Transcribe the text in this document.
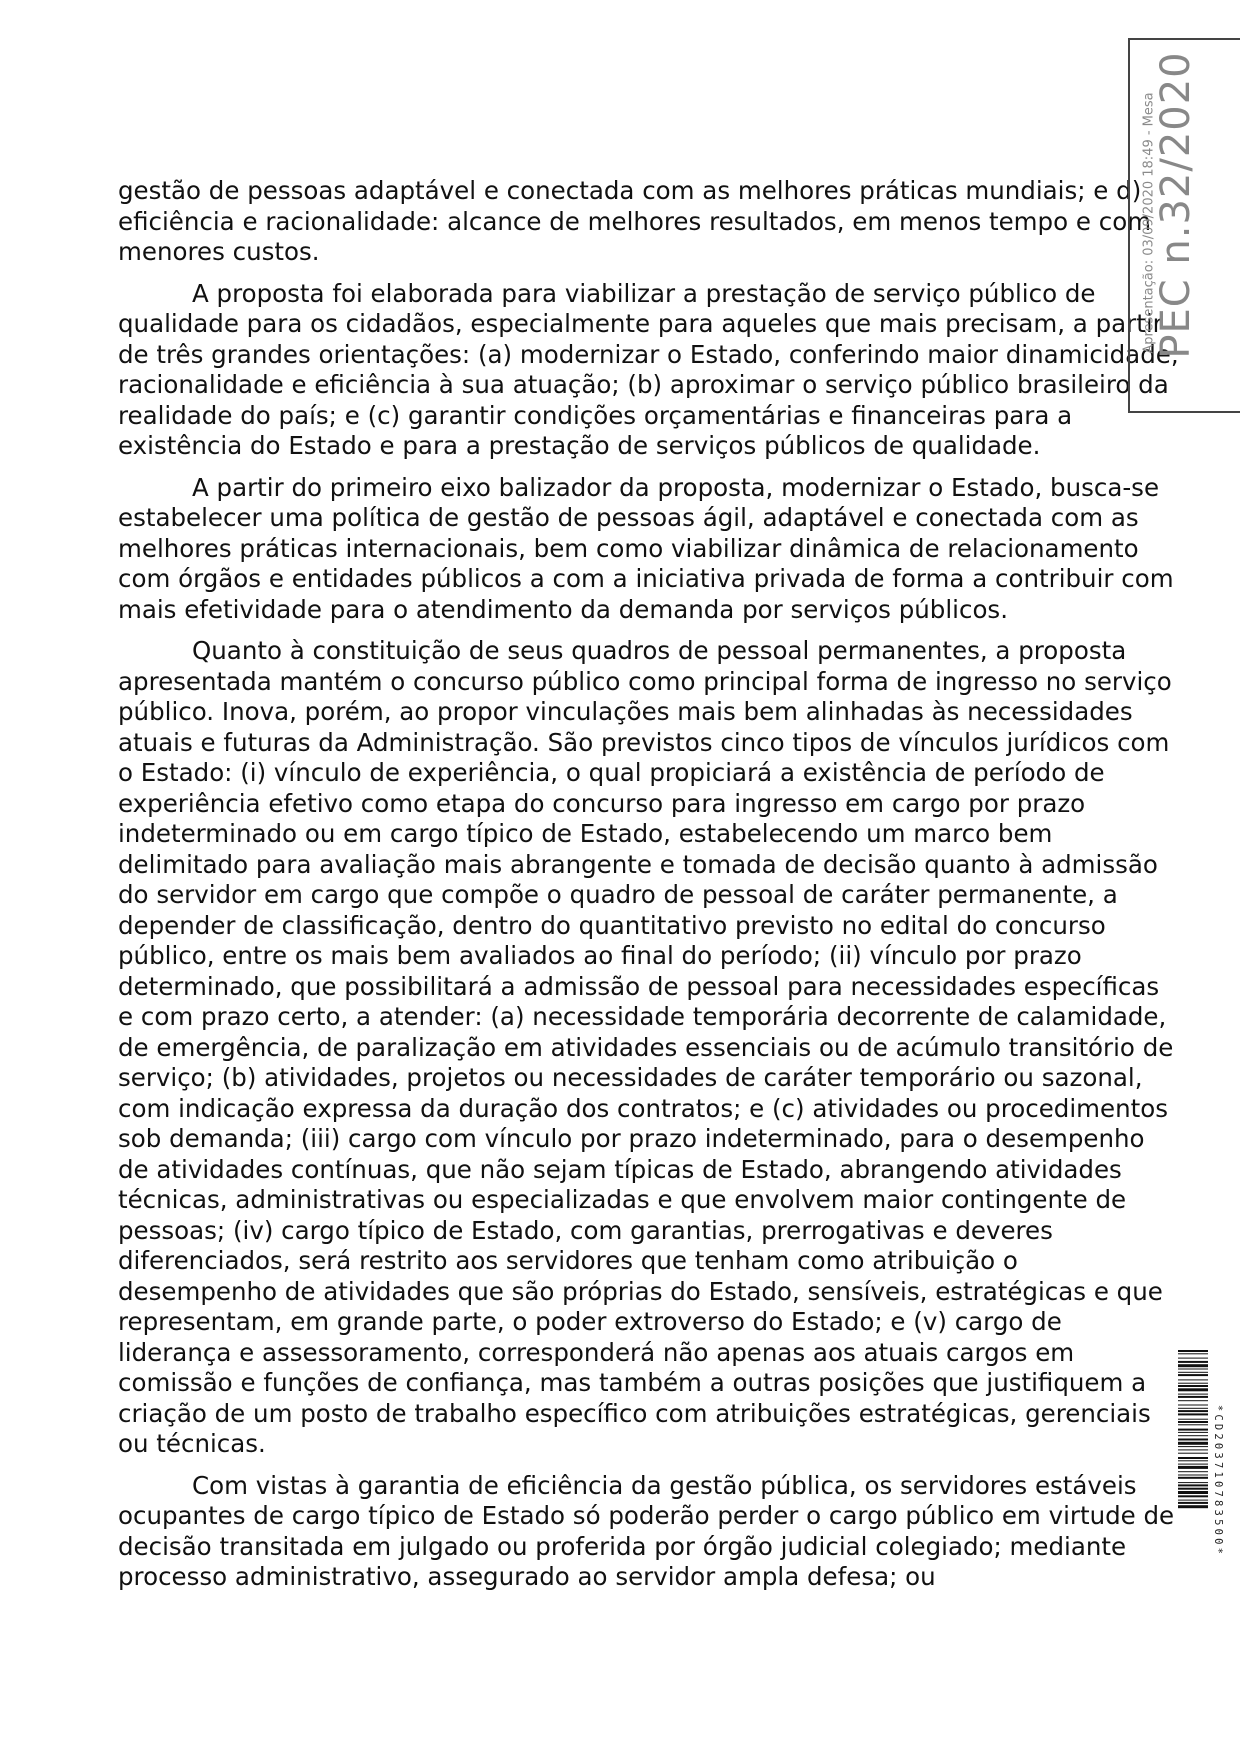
gestão de pessoas adaptável e conectada com as melhores práticas mundiais; e d) eficiência e racionalidade: alcance de melhores resultados, em menos tempo e com menores custos.

A proposta foi elaborada para viabilizar a prestação de serviço público de qualidade para os cidadãos, especialmente para aqueles que mais precisam, a partir de três grandes orientações: (a) modernizar o Estado, conferindo maior dinamicidade, racionalidade e eficiência à sua atuação; (b) aproximar o serviço público brasileiro da realidade do país; e (c) garantir condições orçamentárias e financeiras para a existência do Estado e para a prestação de serviços públicos de qualidade.

A partir do primeiro eixo balizador da proposta, modernizar o Estado, busca-se estabelecer uma política de gestão de pessoas ágil, adaptável e conectada com as melhores práticas internacionais, bem como viabilizar dinâmica de relacionamento com órgãos e entidades públicos a com a iniciativa privada de forma a contribuir com mais efetividade para o atendimento da demanda por serviços públicos.

Quanto à constituição de seus quadros de pessoal permanentes, a proposta apresentada mantém o concurso público como principal forma de ingresso no serviço público. Inova, porém, ao propor vinculações mais bem alinhadas às necessidades atuais e futuras da Administração. São previstos cinco tipos de vínculos jurídicos com o Estado: (i) vínculo de experiência, o qual propiciará a existência de período de experiência efetivo como etapa do concurso para ingresso em cargo por prazo indeterminado ou em cargo típico de Estado, estabelecendo um marco bem delimitado para avaliação mais abrangente e tomada de decisão quanto à admissão do servidor em cargo que compõe o quadro de pessoal de caráter permanente, a depender de classificação, dentro do quantitativo previsto no edital do concurso público, entre os mais bem avaliados ao final do período; (ii) vínculo por prazo determinado, que possibilitará a admissão de pessoal para necessidades específicas e com prazo certo, a atender: (a) necessidade temporária decorrente de calamidade, de emergência, de paralização em atividades essenciais ou de acúmulo transitório de serviço; (b) atividades, projetos ou necessidades de caráter temporário ou sazonal, com indicação expressa da duração dos contratos; e (c) atividades ou procedimentos sob demanda; (iii) cargo com vínculo por prazo indeterminado, para o desempenho de atividades contínuas, que não sejam típicas de Estado, abrangendo atividades técnicas, administrativas ou especializadas e que envolvem maior contingente de pessoas; (iv) cargo típico de Estado, com garantias, prerrogativas e deveres diferenciados, será restrito aos servidores que tenham como atribuição o desempenho de atividades que são próprias do Estado, sensíveis, estratégicas e que representam, em grande parte, o poder extroverso do Estado; e (v) cargo de liderança e assessoramento, corresponderá não apenas aos atuais cargos em comissão e funções de confiança, mas também a outras posições que justifiquem a criação de um posto de trabalho específico com atribuições estratégicas, gerenciais ou técnicas.

Com vistas à garantia de eficiência da gestão pública, os servidores estáveis ocupantes de cargo típico de Estado só poderão perder o cargo público em virtude de decisão transitada em julgado ou proferida por órgão judicial colegiado; mediante processo administrativo, assegurado ao servidor ampla defesa; ou

PEC n.32/2020
Apresentação: 03/09/2020 18:49 - Mesa
*CD203710783500*
